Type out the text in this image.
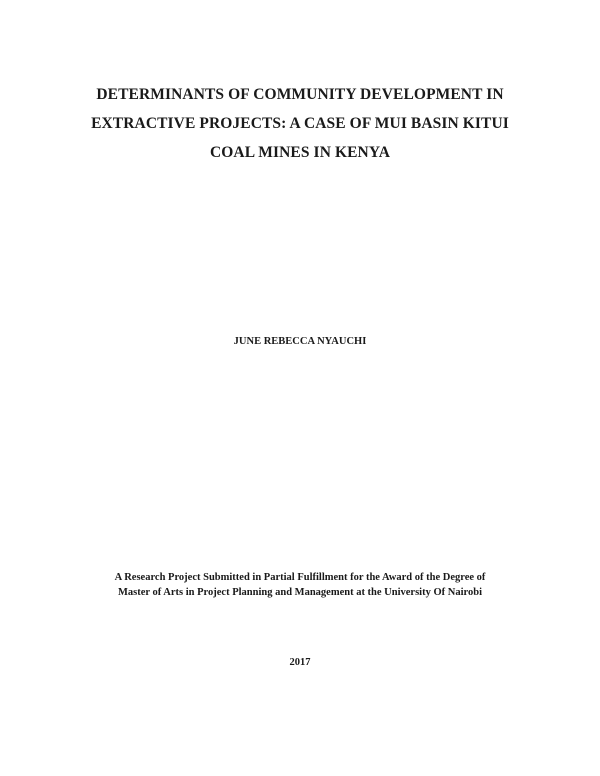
DETERMINANTS OF COMMUNITY DEVELOPMENT IN
EXTRACTIVE PROJECTS: A CASE OF MUI BASIN KITUI
COAL MINES IN KENYA
JUNE REBECCA NYAUCHI
A Research Project Submitted in Partial Fulfillment for the Award of the Degree of
Master of Arts in Project Planning and Management at the University Of Nairobi
2017
